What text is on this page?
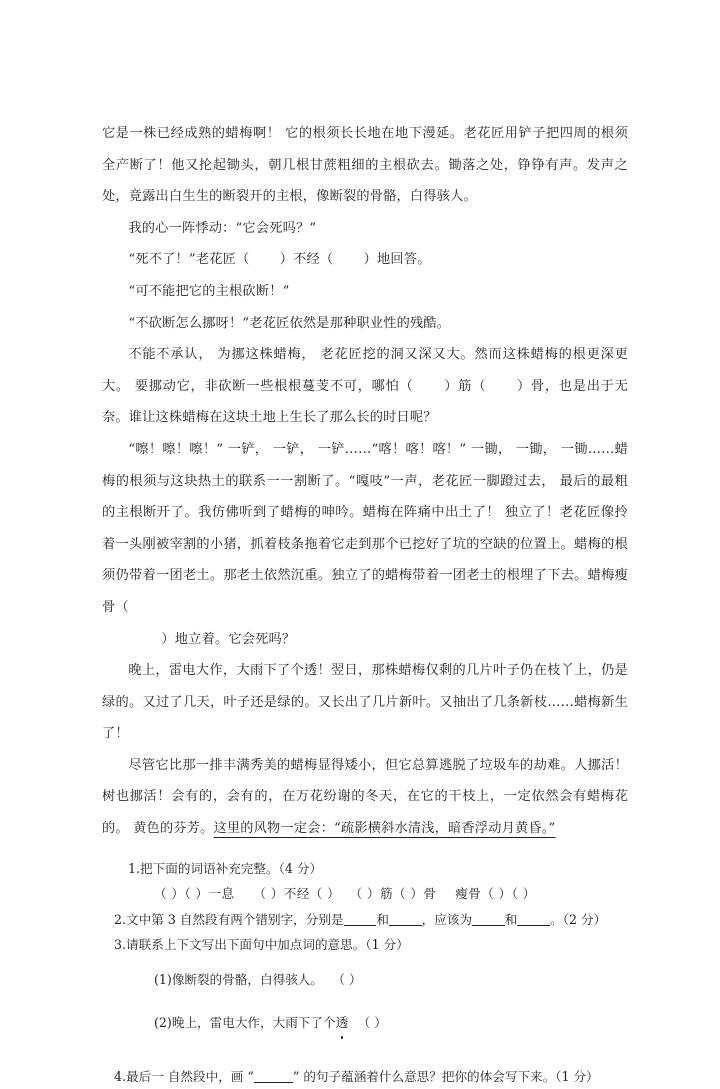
它是一株已经成熟的蜡梅啊！ 它的根须长长地在地下漫延。老花匠用铲子把四周的根须全产断了！他又抡起锄头，朝几根甘蔗粗细的主根砍去。锄落之处，铮铮有声。发声之处，竟露出白生生的断裂开的主根，像断裂的骨骼，白得骇人。

我的心一阵悸动：“它会死吗？”

“死不了！”老花匠（ ）不经（ ）地回答。

“可不能把它的主根砍断！”

“不砍断怎么挪呀！”老花匠依然是那种职业性的残酷。

不能不承认， 为挪这株蜡梅， 老花匠挖的洞又深又大。然而这株蜡梅的根更深更大。 要挪动它，非砍断一些根根蔓芰不可，哪怕（ ）筋（ ）骨，也是出于无奈。谁让这株蜡梅在这块土地上生长了那么长的时日呢？

“嚓！嚓！嚓！” 一铲， 一铲， 一铲……“喀！喀！喀！” 一锄， 一锄， 一锄……蜡梅的根须与这块热土的联系一一割断了。“嘎吱”一声，老花匠一脚蹬过去， 最后的最粗的主根断开了。我仿佛听到了蜡梅的呻吟。蜡梅在阵痛中出土了！ 独立了！老花匠像拎着一头刚被宰割的小猪，抓着枝条拖着它走到那个已挖好了坑的空缺的位置上。蜡梅的根须仍带着一团老土。那老土依然沉重。独立了的蜡梅带着一团老土的根埋了下去。蜡梅瘦骨（
）地立着。它会死吗？

晚上，雷电大作，大雨下了个透！翌日，那株蜡梅仅剩的几片叶子仍在枝丫上，仍是绿的。又过了几天，叶子还是绿的。又长出了几片新叶。又抽出了几条新枝……蜡梅新生了！

尽管它比那一排丰满秀美的蜡梅显得矮小，但它总算逃脱了垃圾车的劫难。人挪活！树也挪活！会有的，会有的，在万花纷谢的冬天，在它的干枝上，一定依然会有蜡梅花的。 黄色的芬芳。这里的风物一定会：“疏影横斜水清浅，暗香浮动月黄昏。”

1.把下面的词语补充完整。（4 分）

（ ）（ ）一息 （ ）不经（ ） （ ）筋（ ）骨 瘦骨（ ）（ ）

2.文中第 3 自然段有两个错别字，分别是	和	，应该为	和	。（2 分）

3.请联系上下文写出下面句中加点词的意思。（1 分）

(1)像断裂的骨骼，白得骇人。 （ ）

(2)晚上，雷电大作，大雨下了个透 （ ）

4.最后一 自然段中，画 “	” 的句子蕴涵着什么意思？把你的体会写下来。（1 分）
